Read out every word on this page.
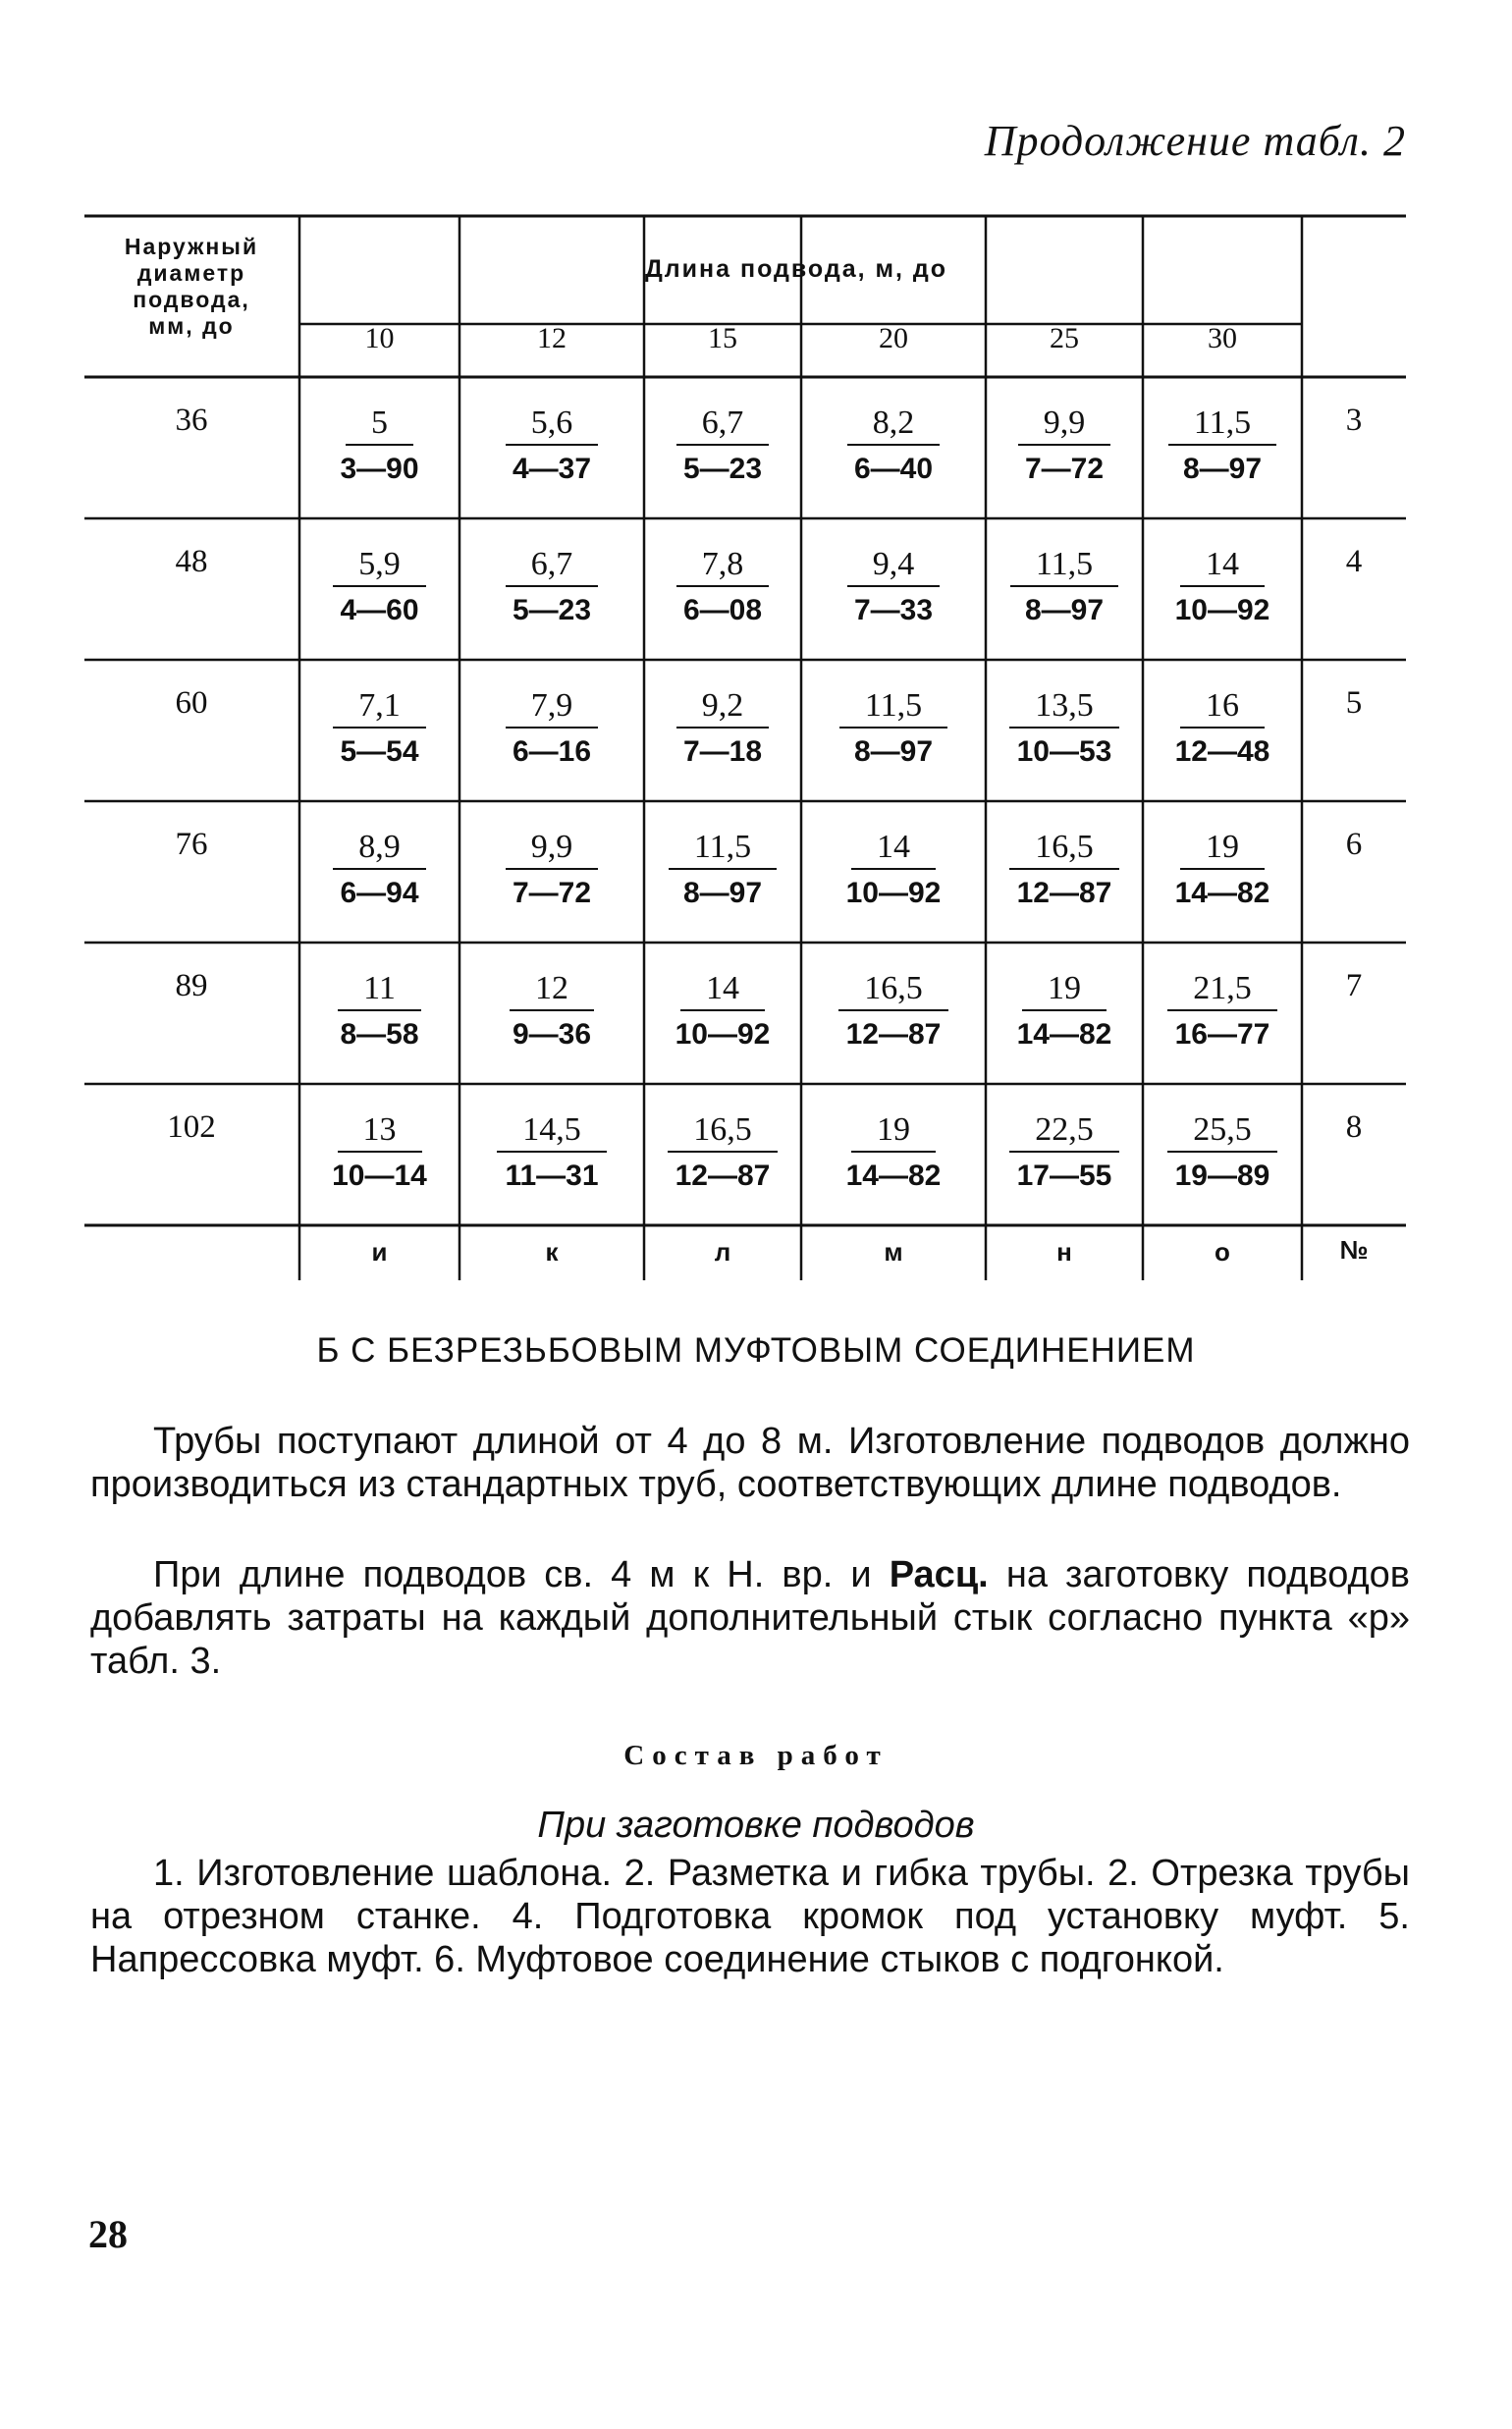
Продолжение табл. 2
Наружный
диаметр
подвода,
мм, до
Длина подвода, м, до
10	12	15	20	25	30
36	$\frac{5}{3—90} \frac{5,6}{4—37} \frac{6,7}{5—23} \frac{8,2}{6—40} \frac{9,9}{7—72} \frac{11,5}{8—97}$	3
48	$\frac{5,9}{4—60} \frac{6,7}{5—23} \frac{7,8}{6—08} \frac{9,4}{7—33} \frac{11,5}{8—97} \frac{14}{10—92}$	4
60	$\frac{7,1}{5—54} \frac{7,9}{6—16} \frac{9,2}{7—18} \frac{11,5}{8—97} \frac{13,5}{10—53} \frac{16}{12—48}$	5
76	$\frac{8,9}{6—94} \frac{9,9}{7—72} \frac{11,5}{8—97} \frac{14}{10—92} \frac{16,5}{12—87} \frac{19}{14—82}$	6
89	$\frac{11}{8—58} \frac{12}{9—36} \frac{14}{10—92} \frac{16,5}{12—87} \frac{19}{14—82} \frac{21,5}{16—77}$	7
102	$\frac{13}{10—14} \frac{14,5}{11—31} \frac{16,5}{12—87} \frac{19}{14—82} \frac{22,5}{17—55} \frac{25,5}{19—89}$	8
и	к	л	м	н	о	№
Б С БЕЗРЕЗЬБОВЫМ МУФТОВЫМ СОЕДИНЕНИЕМ
Трубы поступают длиной от 4 до 8 м. Изготовление подводов должно производиться из стандартных труб, соответствующих длине подводов.
При длине подводов св. 4 м к Н. вр. и Расц. на заготовку подводов добавлять затраты на каждый дополнительный стык согласно пункта «р» табл. 3.
Состав работ
При заготовке подводов
1. Изготовление шаблона. 2. Разметка и гибка трубы. 2. Отрезка трубы на отрезном станке. 4. Подготовка кромок под установку муфт. 5. Напрессовка муфт. 6. Муфтовое соединение стыков с подгонкой.
28
